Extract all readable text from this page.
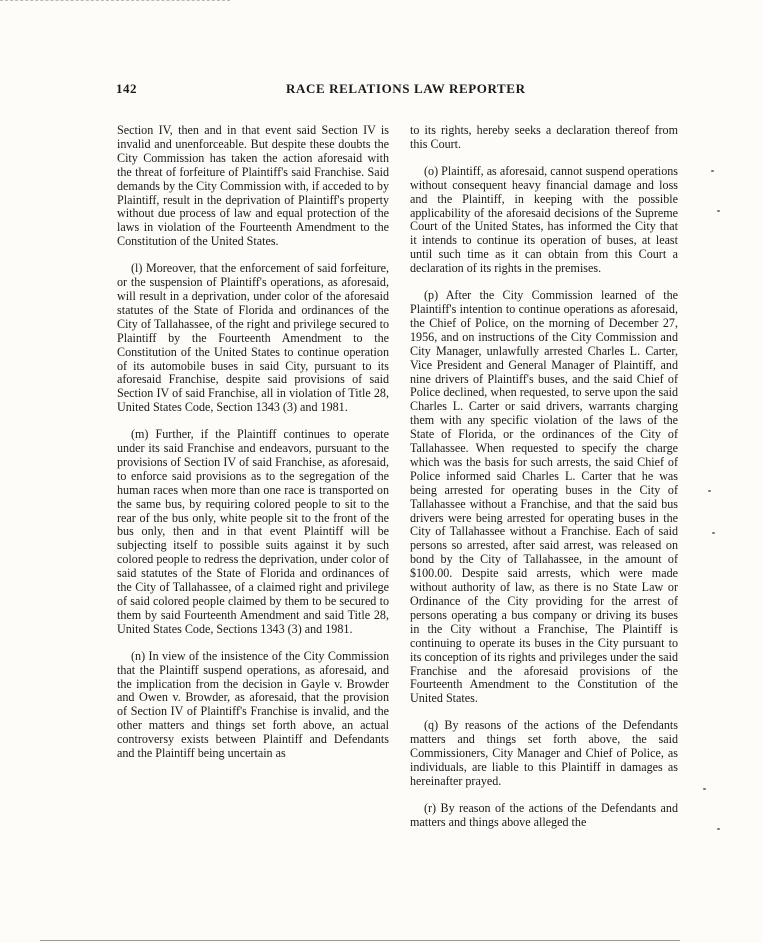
142	RACE RELATIONS LAW REPORTER

Section IV, then and in that event said Section IV is invalid and unenforceable. But despite these doubts the City Commission has taken the action aforesaid with the threat of forfeiture of Plaintiff's said Franchise. Said demands by the City Commission with, if acceded to by Plaintiff, result in the deprivation of Plaintiff's property without due process of law and equal protection of the laws in violation of the Fourteenth Amendment to the Constitution of the United States.

(l) Moreover, that the enforcement of said forfeiture, or the suspension of Plaintiff's operations, as aforesaid, will result in a deprivation, under color of the aforesaid statutes of the State of Florida and ordinances of the City of Tallahassee, of the right and privilege secured to Plaintiff by the Fourteenth Amendment to the Constitution of the United States to continue operation of its automobile buses in said City, pursuant to its aforesaid Franchise, despite said provisions of said Section IV of said Franchise, all in violation of Title 28, United States Code, Section 1343 (3) and 1981.

(m) Further, if the Plaintiff continues to operate under its said Franchise and endeavors, pursuant to the provisions of Section IV of said Franchise, as aforesaid, to enforce said provisions as to the segregation of the human races when more than one race is transported on the same bus, by requiring colored people to sit to the rear of the bus only, white people sit to the front of the bus only, then and in that event Plaintiff will be subjecting itself to possible suits against it by such colored people to redress the deprivation, under color of said statutes of the State of Florida and ordinances of the City of Tallahassee, of a claimed right and privilege of said colored people claimed by them to be secured to them by said Fourteenth Amendment and said Title 28, United States Code, Sections 1343 (3) and 1981.

(n) In view of the insistence of the City Commission that the Plaintiff suspend operations, as aforesaid, and the implication from the decision in Gayle v. Browder and Owen v. Browder, as aforesaid, that the provision of Section IV of Plaintiff's Franchise is invalid, and the other matters and things set forth above, an actual controversy exists between Plaintiff and Defendants and the Plaintiff being uncertain as

to its rights, hereby seeks a declaration thereof from this Court.

(o) Plaintiff, as aforesaid, cannot suspend operations without consequent heavy financial damage and loss and the Plaintiff, in keeping with the possible applicability of the aforesaid decisions of the Supreme Court of the United States, has informed the City that it intends to continue its operation of buses, at least until such time as it can obtain from this Court a declaration of its rights in the premises.

(p) After the City Commission learned of the Plaintiff's intention to continue operations as aforesaid, the Chief of Police, on the morning of December 27, 1956, and on instructions of the City Commission and City Manager, unlawfully arrested Charles L. Carter, Vice President and General Manager of Plaintiff, and nine drivers of Plaintiff's buses, and the said Chief of Police declined, when requested, to serve upon the said Charles L. Carter or said drivers, warrants charging them with any specific violation of the laws of the State of Florida, or the ordinances of the City of Tallahassee. When requested to specify the charge which was the basis for such arrests, the said Chief of Police informed said Charles L. Carter that he was being arrested for operating buses in the City of Tallahassee without a Franchise, and that the said bus drivers were being arrested for operating buses in the City of Tallahassee without a Franchise. Each of said persons so arrested, after said arrest, was released on bond by the City of Tallahassee, in the amount of $100.00. Despite said arrests, which were made without authority of law, as there is no State Law or Ordinance of the City providing for the arrest of persons operating a bus company or driving its buses in the City without a Franchise, The Plaintiff is continuing to operate its buses in the City pursuant to its conception of its rights and privileges under the said Franchise and the aforesaid provisions of the Fourteenth Amendment to the Constitution of the United States.

(q) By reasons of the actions of the Defendants matters and things set forth above, the said Commissioners, City Manager and Chief of Police, as individuals, are liable to this Plaintiff in damages as hereinafter prayed.

(r) By reason of the actions of the Defendants and matters and things above alleged the
